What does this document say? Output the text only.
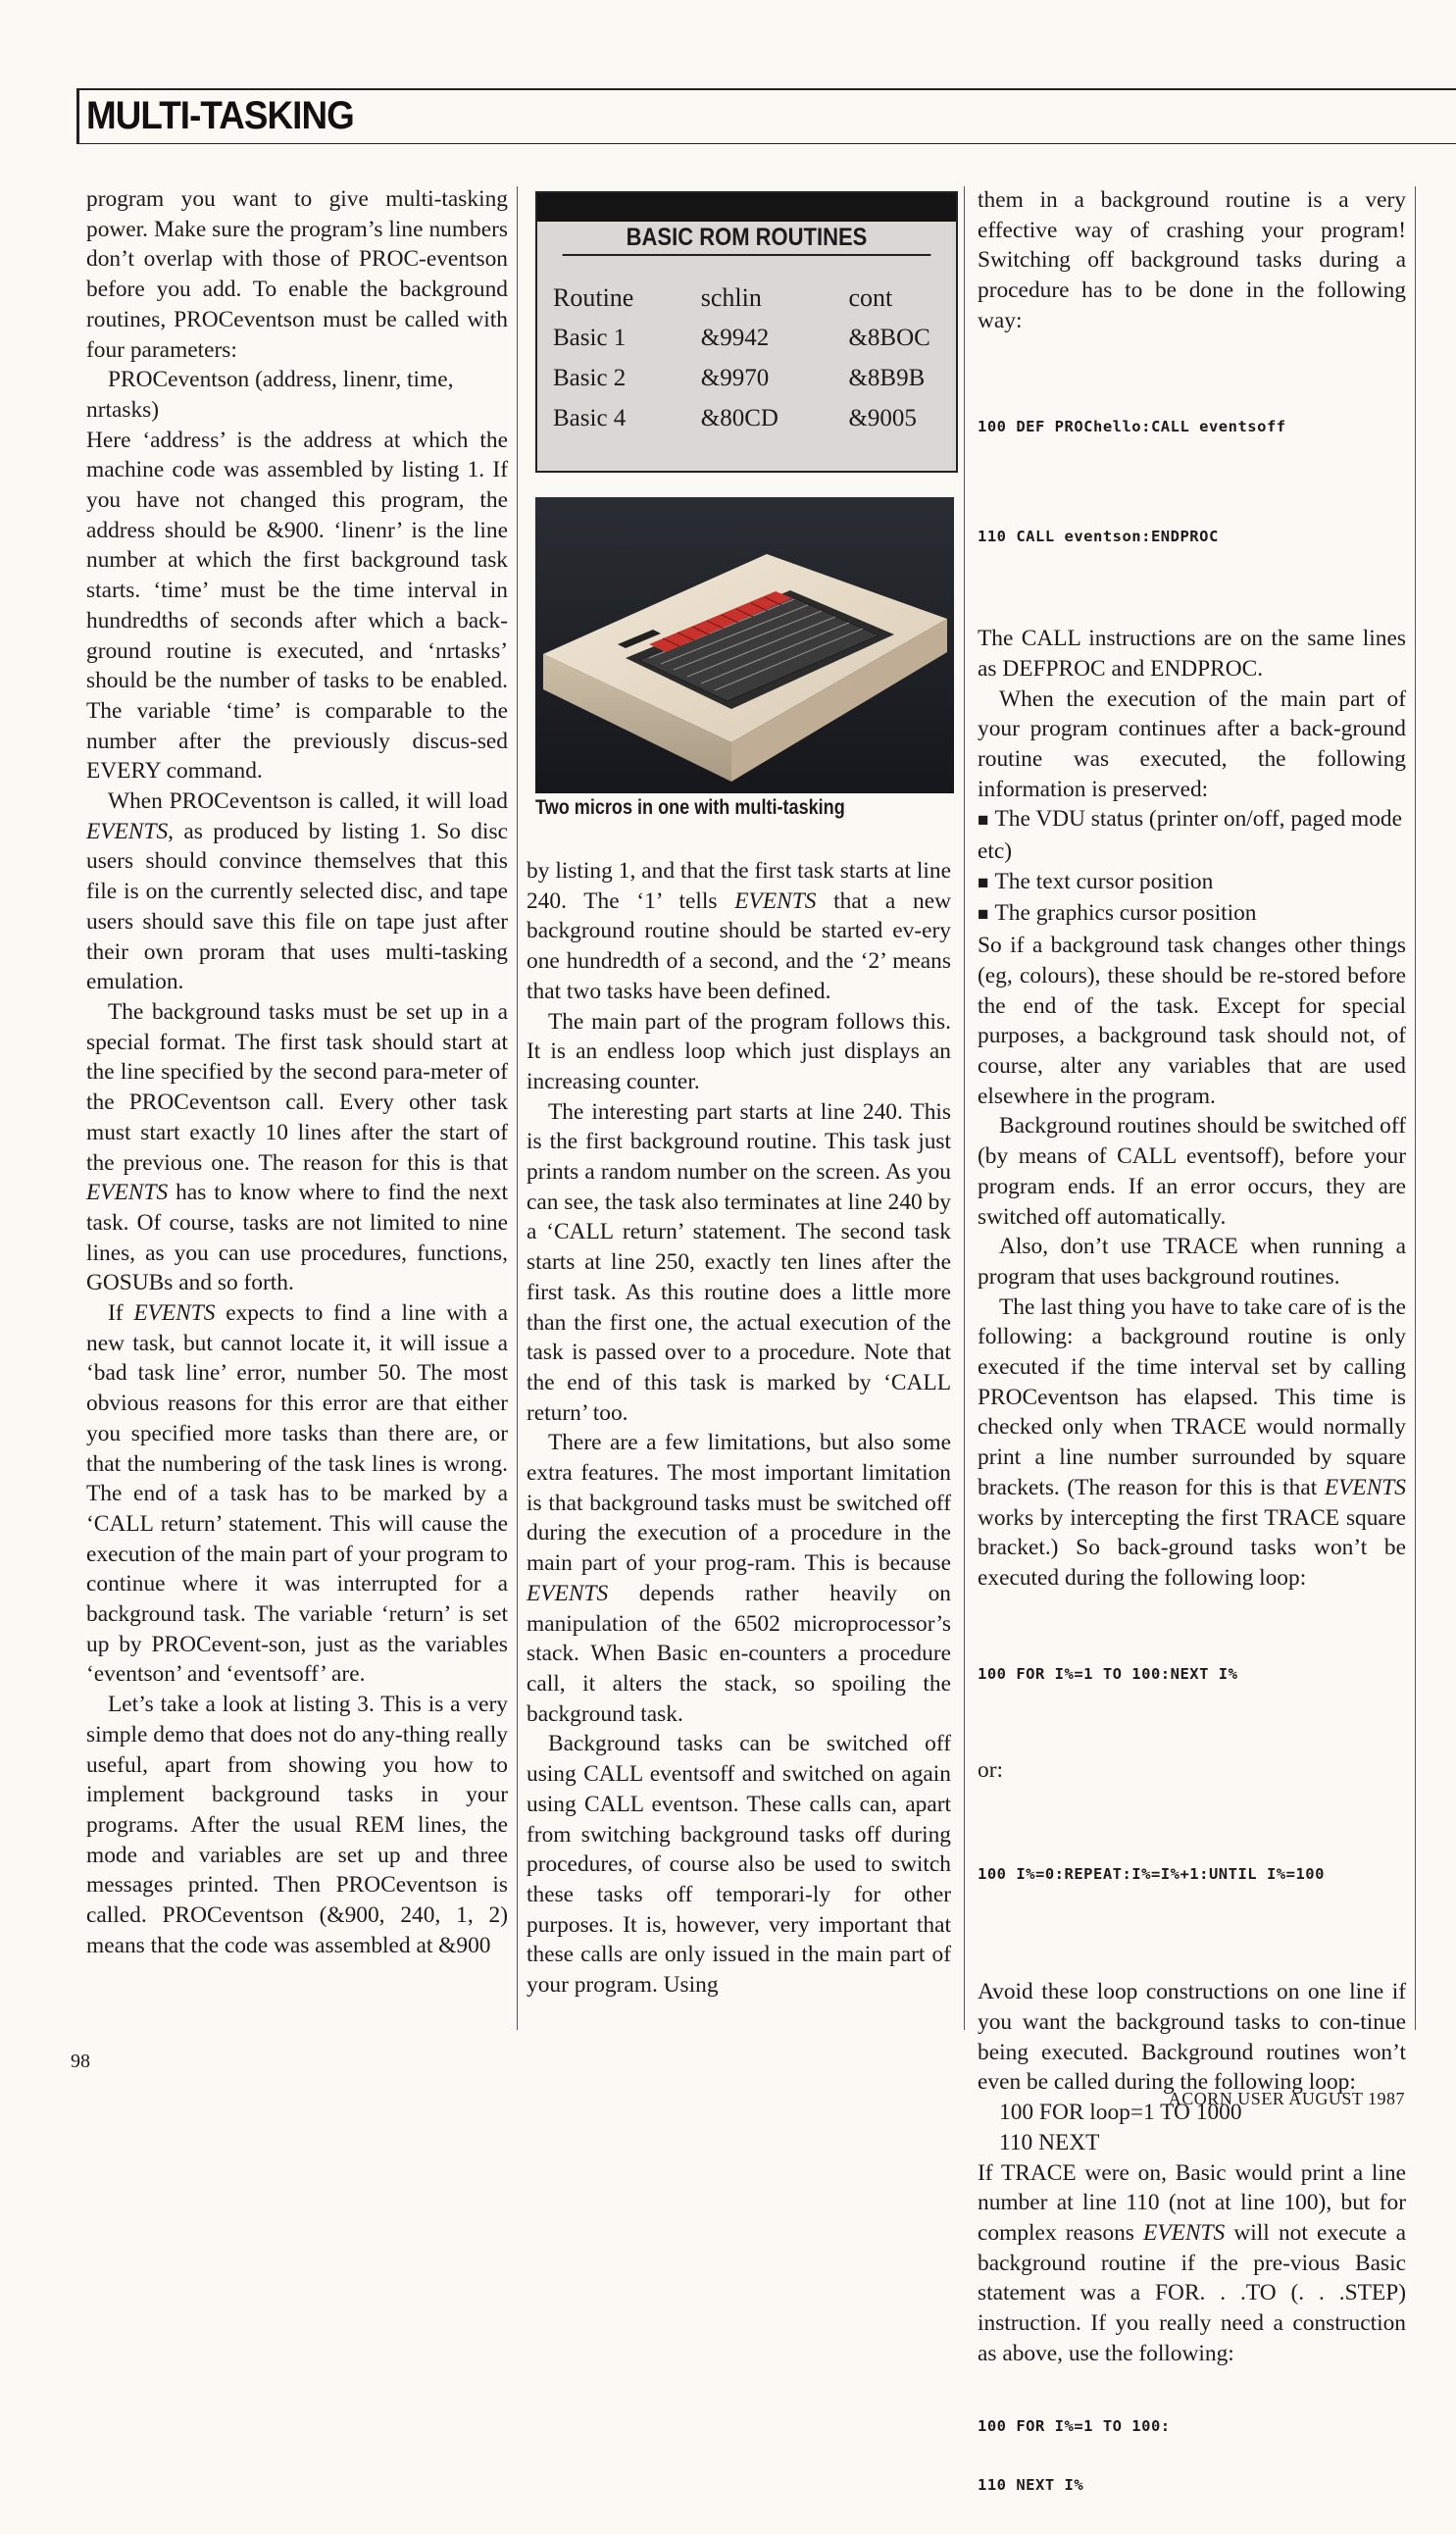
MULTI-TASKING

program you want to give multi-tasking power. Make sure the program’s line numbers don’t overlap with those of PROC-eventson before you add. To enable the background routines, PROCeventson must be called with four parameters:

PROCeventson (address, linenr, time, nrtasks)

Here ‘address’ is the address at which the machine code was assembled by listing 1. If you have not changed this program, the address should be &900. ‘linenr’ is the line number at which the first background task starts. ‘time’ must be the time interval in hundredths of seconds after which a back-ground routine is executed, and ‘nrtasks’ should be the number of tasks to be enabled. The variable ‘time’ is comparable to the number after the previously discus-sed EVERY command.

When PROCeventson is called, it will load EVENTS, as produced by listing 1. So disc users should convince themselves that this file is on the currently selected disc, and tape users should save this file on tape just after their own proram that uses multi-tasking emulation.

The background tasks must be set up in a special format. The first task should start at the line specified by the second para-meter of the PROCeventson call. Every other task must start exactly 10 lines after the start of the previous one. The reason for this is that EVENTS has to know where to find the next task. Of course, tasks are not limited to nine lines, as you can use procedures, functions, GOSUBs and so forth.

If EVENTS expects to find a line with a new task, but cannot locate it, it will issue a ‘bad task line’ error, number 50. The most obvious reasons for this error are that either you specified more tasks than there are, or that the numbering of the task lines is wrong. The end of a task has to be marked by a ‘CALL return’ statement. This will cause the execution of the main part of your program to continue where it was interrupted for a background task. The variable ‘return’ is set up by PROCevent-son, just as the variables ‘eventson’ and ‘eventsoff’ are.

Let’s take a look at listing 3. This is a very simple demo that does not do any-thing really useful, apart from showing you how to implement background tasks in your programs. After the usual REM lines, the mode and variables are set up and three messages printed. Then PROCeventson is called. PROCeventson (&900, 240, 1, 2) means that the code was assembled at &900

BASIC ROM ROUTINES
Routine	schlin	cont
Basic 1	&9942	&8BOC
Basic 2	&9970	&8B9B
Basic 4	&80CD	&9005
Two micros in one with multi-tasking

by listing 1, and that the first task starts at line 240. The ‘1’ tells EVENTS that a new background routine should be started ev-ery one hundredth of a second, and the ‘2’ means that two tasks have been defined.

The main part of the program follows this. It is an endless loop which just displays an increasing counter.

The interesting part starts at line 240. This is the first background routine. This task just prints a random number on the screen. As you can see, the task also terminates at line 240 by a ‘CALL return’ statement. The second task starts at line 250, exactly ten lines after the first task. As this routine does a little more than the first one, the actual execution of the task is passed over to a procedure. Note that the end of this task is marked by ‘CALL return’ too.

There are a few limitations, but also some extra features. The most important limitation is that background tasks must be switched off during the execution of a procedure in the main part of your prog-ram. This is because EVENTS depends rather heavily on manipulation of the 6502 microprocessor’s stack. When Basic en-counters a procedure call, it alters the stack, so spoiling the background task.

Background tasks can be switched off using CALL eventsoff and switched on again using CALL eventson. These calls can, apart from switching background tasks off during procedures, of course also be used to switch these tasks off temporari-ly for other purposes. It is, however, very important that these calls are only issued in the main part of your program. Using

them in a background routine is a very effective way of crashing your program! Switching off background tasks during a procedure has to be done in the following way:

100 DEF PROChello:CALL eventsoff

110 CALL eventson:ENDPROC

The CALL instructions are on the same lines as DEFPROC and ENDPROC.

When the execution of the main part of your program continues after a back-ground routine was executed, the following information is preserved:

■ The VDU status (printer on/off, paged mode etc)

■ The text cursor position

■ The graphics cursor position

So if a background task changes other things (eg, colours), these should be re-stored before the end of the task. Except for special purposes, a background task should not, of course, alter any variables that are used elsewhere in the program.

Background routines should be switched off (by means of CALL eventsoff), before your program ends. If an error occurs, they are switched off automatically.

Also, don’t use TRACE when running a program that uses background routines.

The last thing you have to take care of is the following: a background routine is only executed if the time interval set by calling PROCeventson has elapsed. This time is checked only when TRACE would normally print a line number surrounded by square brackets. (The reason for this is that EVENTS works by intercepting the first TRACE square bracket.) So back-ground tasks won’t be executed during the following loop:

100 FOR I%=1 TO 100:NEXT I%

or:

100 I%=0:REPEAT:I%=I%+1:UNTIL I%=100

Avoid these loop constructions on one line if you want the background tasks to con-tinue being executed. Background routines won’t even be called during the following loop:

100 FOR loop=1 TO 1000

110 NEXT

If TRACE were on, Basic would print a line number at line 110 (not at line 100), but for complex reasons EVENTS will not execute a background routine if the pre-vious Basic statement was a FOR. . .TO (. . .STEP) instruction. If you really need a construction as above, use the following:

100 FOR I%=1 TO 100:

110 NEXT I%

98
ACORN USER AUGUST 1987
